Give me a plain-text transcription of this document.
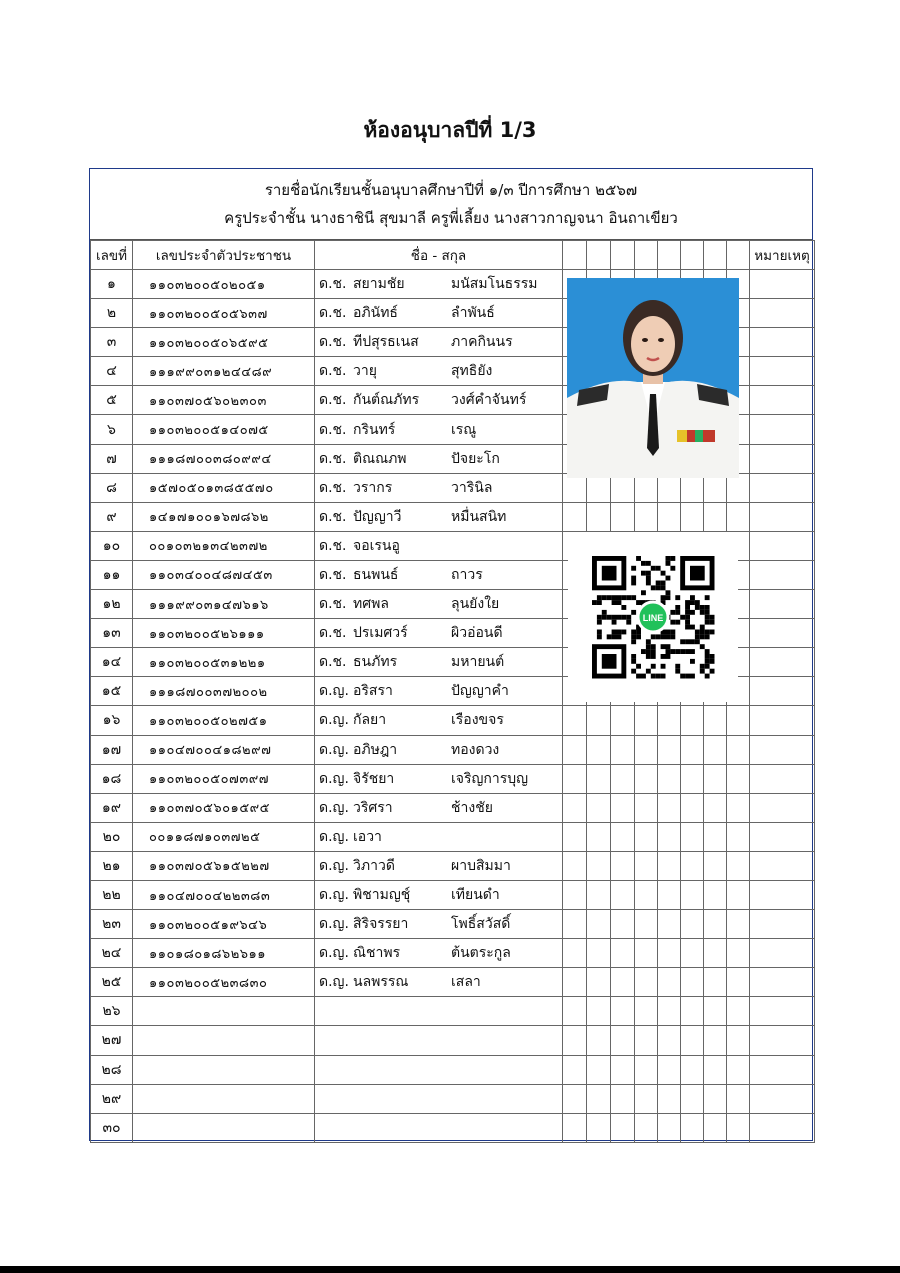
ห้องอนุบาลปีที่ 1/3
รายชื่อนักเรียนชั้นอนุบาลศึกษาปีที่ ๑/๓ ปีการศึกษา ๒๕๖๗
ครูประจำชั้น นางธาชินี สุขมาลี ครูพี่เลี้ยง นางสาวกาญจนา อินถาเขียว
เลขที่	เลขประจำตัวประชาชน	ชื่อ - สกุล									หมายเหตุ
๑	๑๑๐๓๒๐๐๕๐๒๐๕๑	ด.ช. สยามชัย มนัสมโนธรรม									
๒	๑๑๐๓๒๐๐๕๐๕๖๓๗	ด.ช. อภินัทธ์ ลำพันธ์									
๓	๑๑๐๓๒๐๐๕๐๖๕๙๕	ด.ช. ทีปสุรธเนส ภาคกินนร									
๔	๑๑๑๙๙๐๓๑๒๔๔๘๙	ด.ช. วายุ สุทธิยัง									
๕	๑๑๐๓๗๐๕๖๐๒๓๐๓	ด.ช. กันต์ณภัทร วงศ์คำจันทร์									
๖	๑๑๐๓๒๐๐๕๑๔๐๗๕	ด.ช. กรินทร์ เรณู									
๗	๑๑๑๘๗๐๐๓๘๐๙๙๔	ด.ช. ติณณภพ ปัจยะโก									
๘	๑๕๗๐๕๐๑๓๘๕๕๗๐	ด.ช. วรากร วารินิล									
๙	๑๔๑๗๑๐๐๑๖๗๘๖๒	ด.ช. ปัญญาวี หมื่นสนิท									
๑๐	๐๐๑๐๓๒๑๓๔๒๓๗๒	ด.ช. จอเรนอู									
๑๑	๑๑๐๓๔๐๐๔๘๗๔๕๓	ด.ช. ธนพนธ์ ถาวร									
๑๒	๑๑๑๙๙๐๓๑๔๗๖๑๖	ด.ช. ทศพล ลุนยังใย									
๑๓	๑๑๐๓๒๐๐๕๒๖๑๑๑	ด.ช. ปรเมศวร์ ผิวอ่อนดี									
๑๔	๑๑๐๓๒๐๐๕๓๑๒๒๑	ด.ช. ธนภัทร มหายนต์									
๑๕	๑๑๑๘๗๐๐๓๗๒๐๐๒	ด.ญ. อริสรา ปัญญาคำ									
๑๖	๑๑๐๓๒๐๐๕๐๒๗๕๑	ด.ญ. กัลยา เรืองขจร									
๑๗	๑๑๐๔๗๐๐๔๑๘๒๙๗	ด.ญ. อภิษฎา ทองดวง									
๑๘	๑๑๐๓๒๐๐๕๐๗๓๙๗	ด.ญ. จิรัชยา เจริญการบุญ									
๑๙	๑๑๐๓๗๐๕๖๐๑๕๙๕	ด.ญ. วริศรา ช้างชัย									
๒๐	๐๐๑๑๘๗๑๐๓๗๒๕	ด.ญ. เอวา									
๒๑	๑๑๐๓๗๐๕๖๑๕๒๒๗	ด.ญ. วิภาวดี ผาบสิมมา									
๒๒	๑๑๐๔๗๐๐๔๒๒๓๘๓	ด.ญ. พิชามญชุ์ เทียนดำ									
๒๓	๑๑๐๓๒๐๐๕๑๙๖๔๖	ด.ญ. สิริจรรยา โพธิ์สวัสดิ์									
๒๔	๑๑๐๑๘๐๑๘๖๒๖๑๑	ด.ญ. ณิชาพร ต้นตระกูล									
๒๕	๑๑๐๓๒๐๐๕๒๓๘๓๐	ด.ญ. นลพรรณ เสลา									
๒๖											
๒๗											
๒๘											
๒๙											
๓๐											
LINE
